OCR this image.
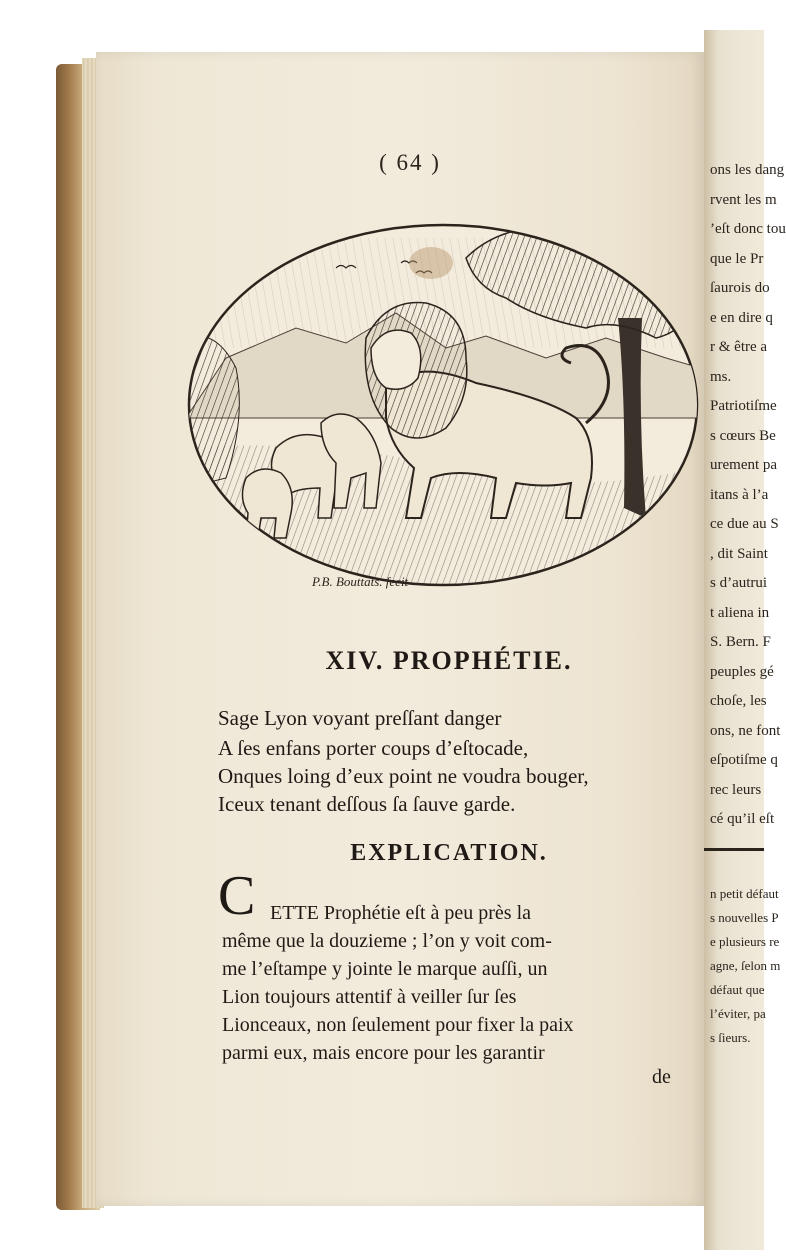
ons les dang
rvent les m
’eſt donc tou
que le Pr
ſaurois do
e en dire q
r & être a
ms.
Patriotiſme
s cœurs Be
urement pa
itans à l’a
ce due au S
, dit Saint
s d’autrui
t aliena in
S. Bern. F
peuples gé
choſe, les
ons, ne font
eſpotiſme q
rec leurs
cé qu’il eſt
n petit défaut
s nouvelles P
e plusieurs re
agne, ſelon m
défaut que
l’éviter, pa
s ſieurs.
( 64 )
P.B. Bouttats. fecit
XIV. PROPHÉTIE.
Sage Lyon voyant preſſant danger
A ſes enfans porter coups d’eſtocade,
Onques loing d’eux point ne voudra bouger,
Iceux tenant deſſous ſa ſauve garde.
EXPLICATION.
C ETTE Prophétie eſt à peu près la
même que la douzieme ; l’on y voit com-
me l’eſtampe y jointe le marque auſſi, un
Lion toujours attentif à veiller ſur ſes
Lionceaux, non ſeulement pour fixer la paix
parmi eux, mais encore pour les garantir
de
